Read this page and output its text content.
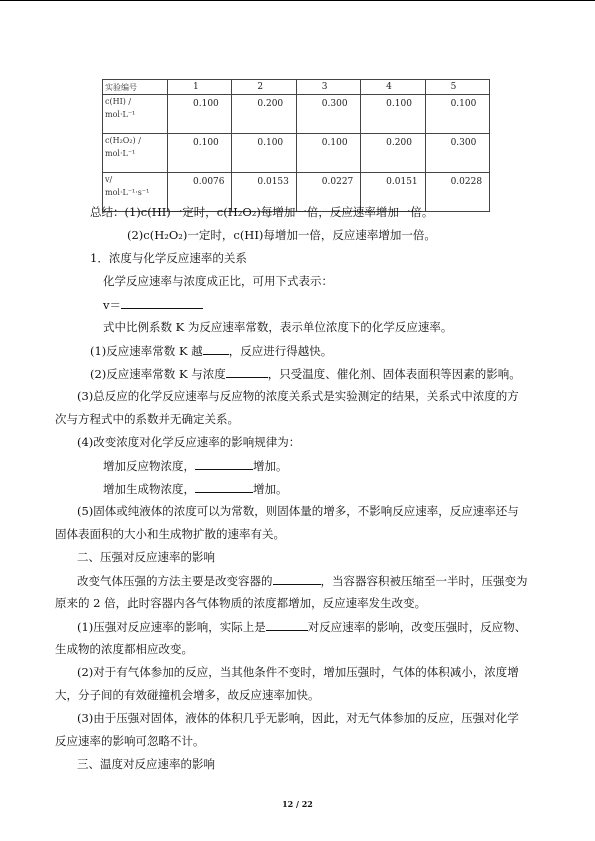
实验编号	1	2	3	4	5
c(HI) /
mol·L⁻¹	0.100	0.200	0.300	0.100	0.100
c(H₂O₂) /
mol·L⁻¹	0.100	0.100	0.100	0.200	0.300
v/
mol·L⁻¹·s⁻¹	0.0076	0.0153	0.0227	0.0151	0.0228
总结：(1)c(HI)一定时，c(H₂O₂)每增加一倍，反应速率增加一倍。
(2)c(H₂O₂)一定时，c(HI)每增加一倍，反应速率增加一倍。
1．浓度与化学反应速率的关系
化学反应速率与浓度成正比，可用下式表示：
v＝
式中比例系数 K 为反应速率常数，表示单位浓度下的化学反应速率。
(1)反应速率常数 K 越 ，反应进行得越快。
(2)反应速率常数 K 与浓度	，只受温度、催化剂、固体表面积等因素的影响。
(3)总反应的化学反应速率与反应物的浓度关系式是实验测定的结果，关系式中浓度的方
次与方程式中的系数并无确定关系。
(4)改变浓度对化学反应速率的影响规律为：
增加反应物浓度，	增加。
增加生成物浓度，	增加。
(5)固体或纯液体的浓度可以为常数，则固体量的增多，不影响反应速率，反应速率还与
固体表面积的大小和生成物扩散的速率有关。
二、压强对反应速率的影响
改变气体压强的方法主要是改变容器的	，当容器容积被压缩至一半时，压强变为
原来的 2 倍，此时容器内各气体物质的浓度都增加，反应速率发生改变。
(1)压强对反应速率的影响，实际上是	对反应速率的影响，改变压强时，反应物、
生成物的浓度都相应改变。
(2)对于有气体参加的反应，当其他条件不变时，增加压强时，气体的体积减小，浓度增
大，分子间的有效碰撞机会增多，故反应速率加快。
(3)由于压强对固体，液体的体积几乎无影响，因此，对无气体参加的反应，压强对化学
反应速率的影响可忽略不计。
三、温度对反应速率的影响
12 / 22
